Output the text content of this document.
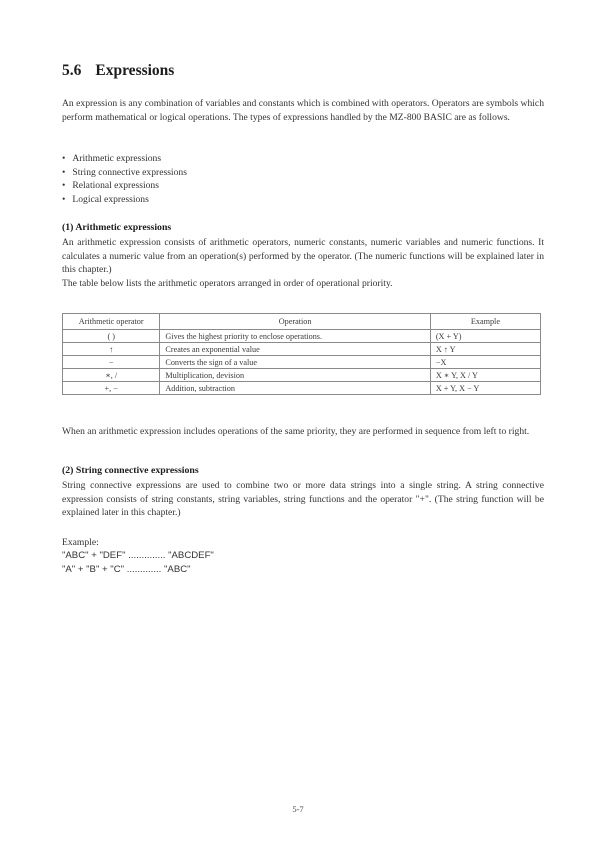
5.6 Expressions

An expression is any combination of variables and constants which is combined with operators. Operators are symbols which perform mathematical or logical operations. The types of expressions handled by the MZ-800 BASIC are as follows.

• Arithmetic expressions
• String connective expressions
• Relational expressions
• Logical expressions
(1) Arithmetic expressions

An arithmetic expression consists of arithmetic operators, numeric constants, numeric variables and numeric functions. It calculates a numeric value from an operation(s) performed by the operator. (The numeric functions will be explained later in this chapter.)

The table below lists the arithmetic operators arranged in order of operational priority.

Arithmetic operator	Operation	Example
( )	Gives the highest priority to enclose operations.	(X + Y)
↑	Creates an exponential value	X ↑ Y
−	Converts the sign of a value	−X
∗, /	Multiplication, devision	X ∗ Y, X / Y
+, −	Addition, subtraction	X + Y, X − Y

When an arithmetic expression includes operations of the same priority, they are performed in sequence from left to right.

(2) String connective expressions

String connective expressions are used to combine two or more data strings into a single string. A string connective expression consists of string constants, string variables, string functions and the operator "+". (The string function will be explained later in this chapter.)

Example:
"ABC" + "DEF" .............. "ABCDEF"
"A" + "B" + "C" ............. "ABC"
5-7
